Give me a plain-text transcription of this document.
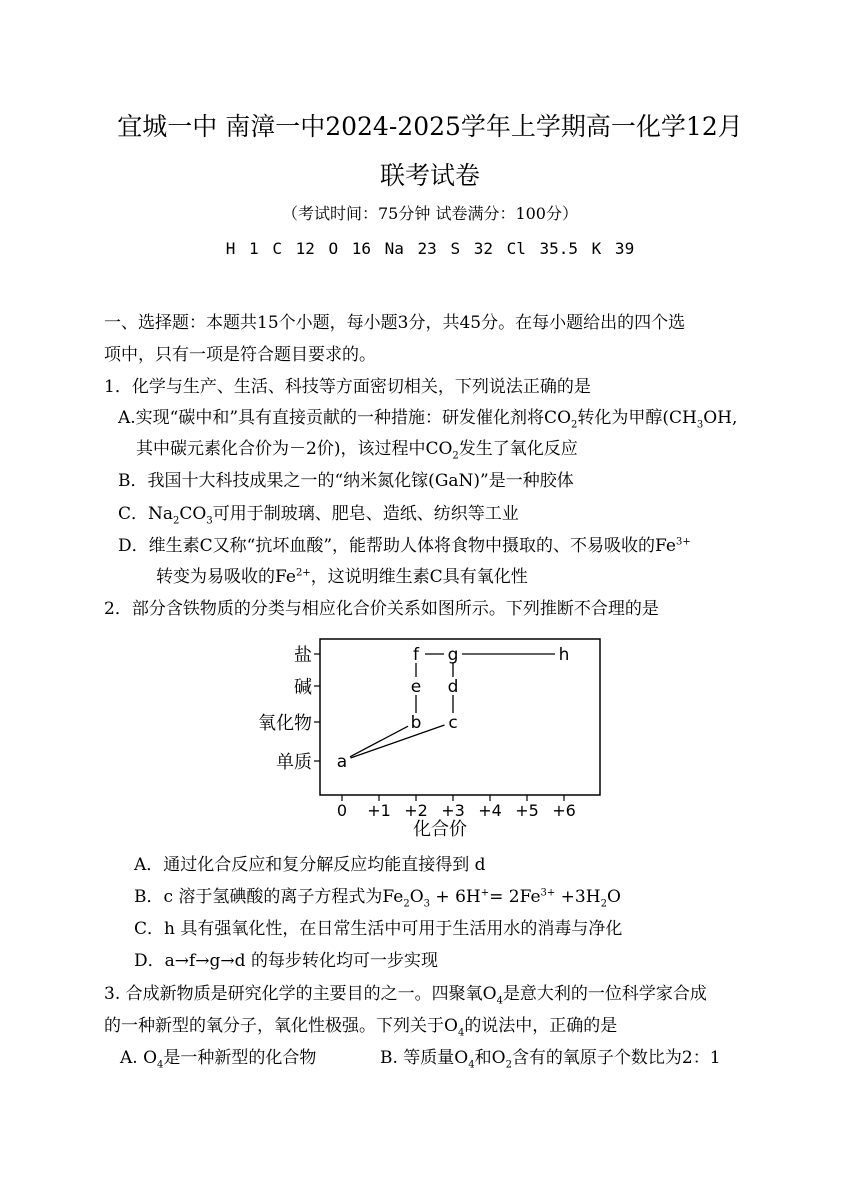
宜城一中 南漳一中2024-2025学年上学期高一化学12月
联考试卷
（考试时间：75分钟 试卷满分：100分）
H 1 C 12 O 16 Na 23 S 32 Cl 35.5 K 39
一、选择题：本题共15个小题，每小题3分，共45分。在每小题给出的四个选
项中，只有一项是符合题目要求的。
1．化学与生产、生活、科技等方面密切相关，下列说法正确的是
A.实现“碳中和”具有直接贡献的一种措施：研发催化剂将$CO_2$转化为甲醇($CH_3OH$,
其中碳元素化合价为－2价)，该过程中$CO_2$发生了氧化反应
B．我国十大科技成果之一的“纳米氮化镓(GaN)”是一种胶体
C．$Na_2CO_3$可用于制玻璃、肥皂、造纸、纺织等工业
D．维生素C又称“抗坏血酸”，能帮助人体将食物中摄取的、不易吸收的$Fe^{3+}$
转变为易吸收的$Fe^{2+}$，这说明维生素C具有氧化性
2．部分含铁物质的分类与相应化合价关系如图所示。下列推断不合理的是
0 +1 +2 +3 +4 +5 +6
单质
氧化物
碱
盐
a
b c
e d
f g	h
化合价
A．通过化合反应和复分解反应均能直接得到 d
B．c 溶于氢碘酸的离子方程式为$Fe_2O_3 + 6H^+= 2Fe^{3+} +3H_2O$
C．h 具有强氧化性，在日常生活中可用于生活用水的消毒与净化
D．a→f→g→d 的每步转化均可一步实现
3. 合成新物质是研究化学的主要目的之一。四聚氧$O_4$是意大利的一位科学家合成
的一种新型的氧分子，氧化性极强。下列关于$O_4$的说法中，正确的是
A. $O_4$是一种新型的化合物	B. 等质量$O_4$和$O_2$含有的氧原子个数比为2：1
